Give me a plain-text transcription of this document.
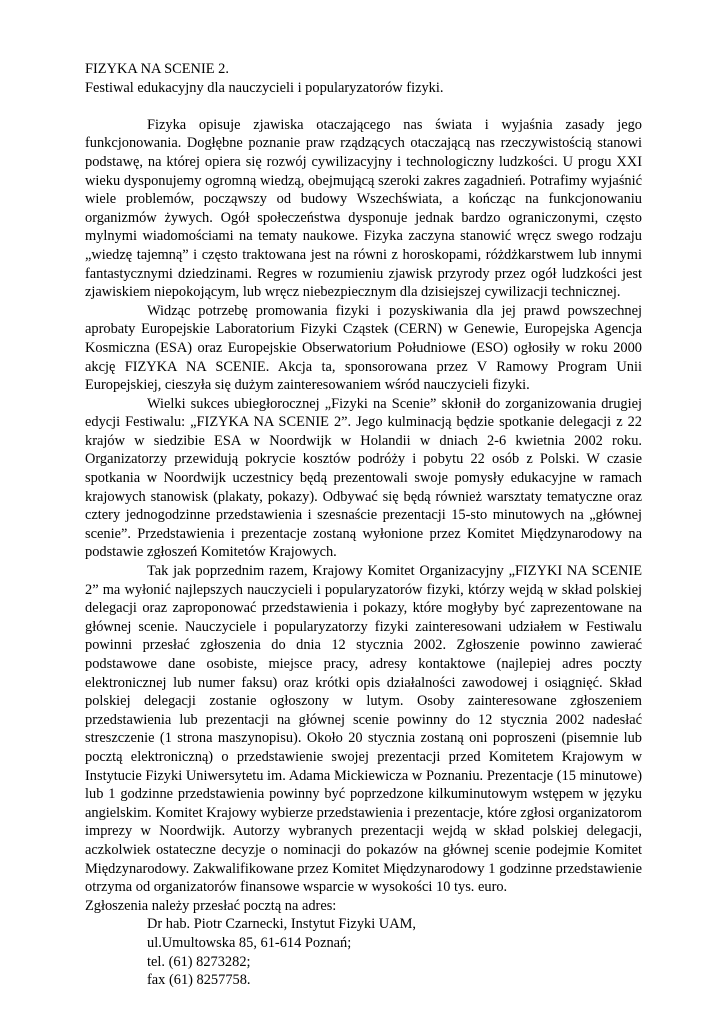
FIZYKA NA SCENIE 2.

Festiwal edukacyjny dla nauczycieli i popularyzatorów fizyki.

Fizyka opisuje zjawiska otaczającego nas świata i wyjaśnia zasady jego funkcjonowania. Dogłębne poznanie praw rządzących otaczającą nas rzeczywistością stanowi podstawę, na której opiera się rozwój cywilizacyjny i technologiczny ludzkości. U progu XXI wieku dysponujemy ogromną wiedzą, obejmującą szeroki zakres zagadnień. Potrafimy wyjaśnić wiele problemów, począwszy od budowy Wszechświata, a kończąc na funkcjonowaniu organizmów żywych. Ogół społeczeństwa dysponuje jednak bardzo ograniczonymi, często mylnymi wiadomościami na tematy naukowe. Fizyka zaczyna stanowić wręcz swego rodzaju „wiedzę tajemną” i często traktowana jest na równi z horoskopami, różdżkarstwem lub innymi fantastycznymi dziedzinami. Regres w rozumieniu zjawisk przyrody przez ogół ludzkości jest zjawiskiem niepokojącym, lub wręcz niebezpiecznym dla dzisiejszej cywilizacji technicznej.

Widząc potrzebę promowania fizyki i pozyskiwania dla jej prawd powszechnej aprobaty Europejskie Laboratorium Fizyki Cząstek (CERN) w Genewie, Europejska Agencja Kosmiczna (ESA) oraz Europejskie Obserwatorium Południowe (ESO) ogłosiły w roku 2000 akcję FIZYKA NA SCENIE. Akcja ta, sponsorowana przez V Ramowy Program Unii Europejskiej, cieszyła się dużym zainteresowaniem wśród nauczycieli fizyki.

Wielki sukces ubiegłorocznej „Fizyki na Scenie” skłonił do zorganizowania drugiej edycji Festiwalu: „FIZYKA NA SCENIE 2”. Jego kulminacją będzie spotkanie delegacji z 22 krajów w siedzibie ESA w Noordwijk w Holandii w dniach 2-6 kwietnia 2002 roku. Organizatorzy przewidują pokrycie kosztów podróży i pobytu 22 osób z Polski. W czasie spotkania w Noordwijk uczestnicy będą prezentowali swoje pomysły edukacyjne w ramach krajowych stanowisk (plakaty, pokazy). Odbywać się będą również warsztaty tematyczne oraz cztery jednogodzinne przedstawienia i szesnaście prezentacji 15-sto minutowych na „głównej scenie”. Przedstawienia i prezentacje zostaną wyłonione przez Komitet Międzynarodowy na podstawie zgłoszeń Komitetów Krajowych.

Tak jak poprzednim razem, Krajowy Komitet Organizacyjny „FIZYKI NA SCENIE 2” ma wyłonić najlepszych nauczycieli i popularyzatorów fizyki, którzy wejdą w skład polskiej delegacji oraz zaproponować przedstawienia i pokazy, które mogłyby być zaprezentowane na głównej scenie. Nauczyciele i popularyzatorzy fizyki zainteresowani udziałem w Festiwalu powinni przesłać zgłoszenia do dnia 12 stycznia 2002. Zgłoszenie powinno zawierać podstawowe dane osobiste, miejsce pracy, adresy kontaktowe (najlepiej adres poczty elektronicznej lub numer faksu) oraz krótki opis działalności zawodowej i osiągnięć. Skład polskiej delegacji zostanie ogłoszony w lutym. Osoby zainteresowane zgłoszeniem przedstawienia lub prezentacji na głównej scenie powinny do 12 stycznia 2002 nadesłać streszczenie (1 strona maszynopisu). Około 20 stycznia zostaną oni poproszeni (pisemnie lub pocztą elektroniczną) o przedstawienie swojej prezentacji przed Komitetem Krajowym w Instytucie Fizyki Uniwersytetu im. Adama Mickiewicza w Poznaniu. Prezentacje (15 minutowe) lub 1 godzinne przedstawienia powinny być poprzedzone kilkuminutowym wstępem w języku angielskim. Komitet Krajowy wybierze przedstawienia i prezentacje, które zgłosi organizatorom imprezy w Noordwijk. Autorzy wybranych prezentacji wejdą w skład polskiej delegacji, aczkolwiek ostateczne decyzje o nominacji do pokazów na głównej scenie podejmie Komitet Międzynarodowy. Zakwalifikowane przez Komitet Międzynarodowy 1 godzinne przedstawienie otrzyma od organizatorów finansowe wsparcie w wysokości 10 tys. euro.

Zgłoszenia należy przesłać pocztą na adres:

Dr hab. Piotr Czarnecki, Instytut Fizyki UAM,

ul.Umultowska 85, 61-614 Poznań;

tel. (61) 8273282;

fax (61) 8257758.
